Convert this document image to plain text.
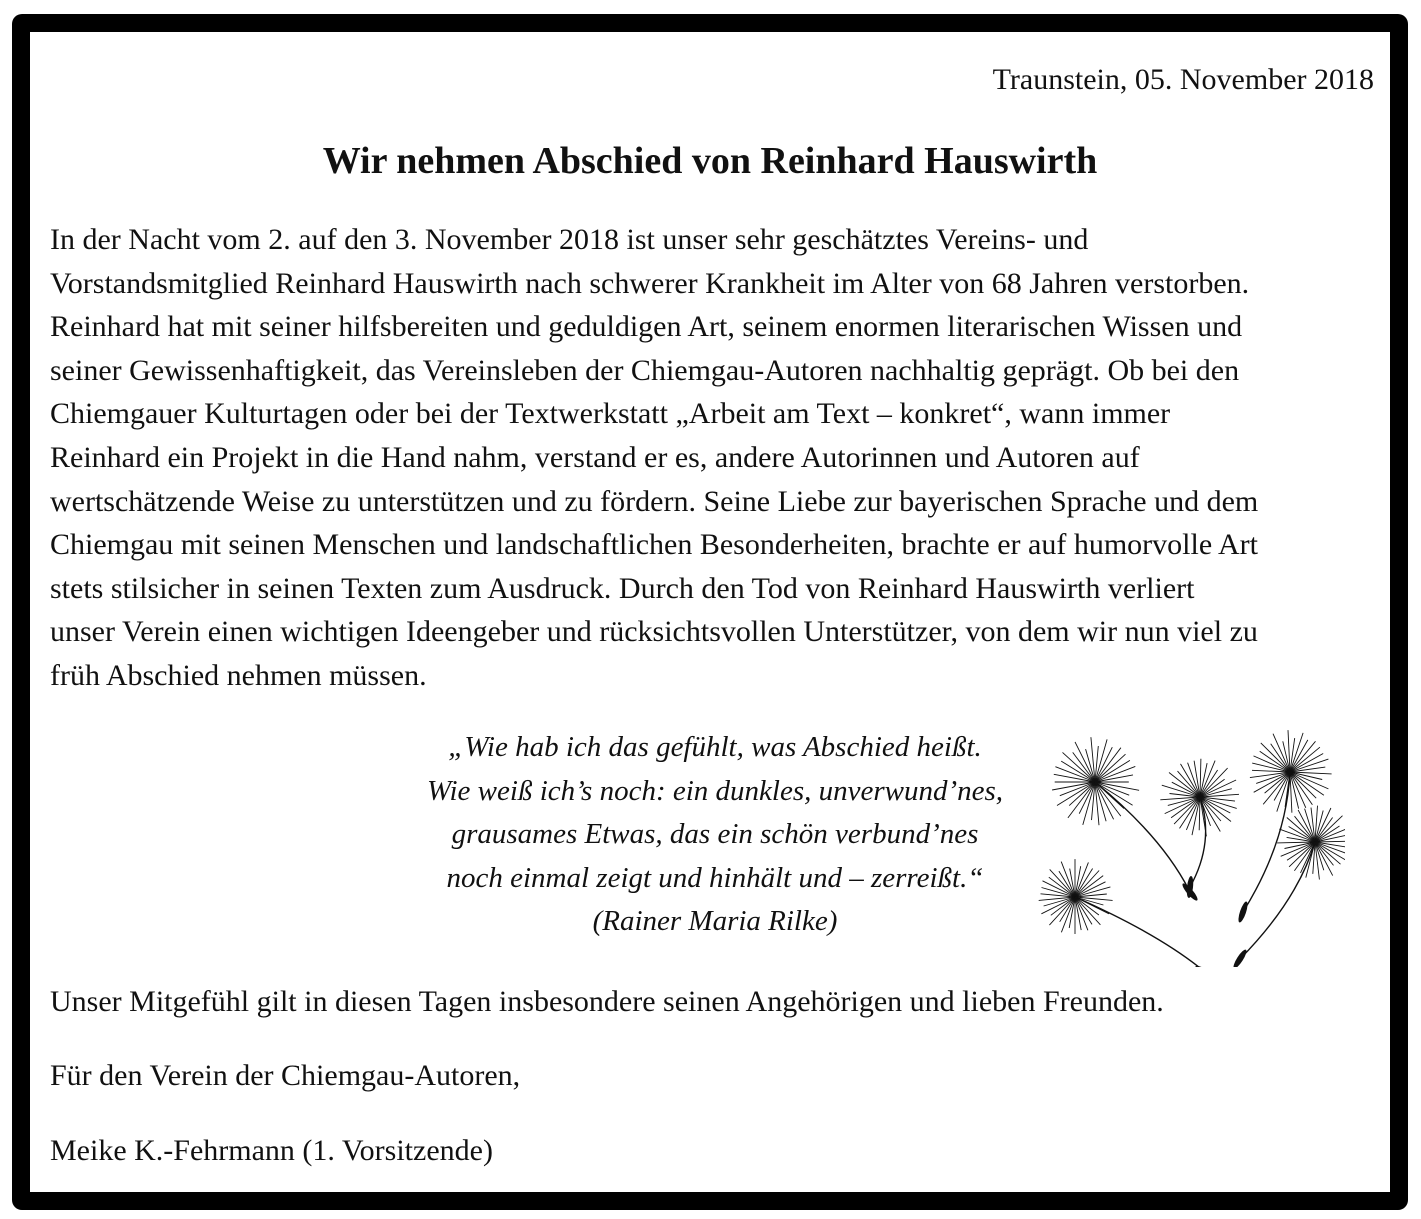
Traunstein, 05. November 2018
Wir nehmen Abschied von Reinhard Hauswirth
In der Nacht vom 2. auf den 3. November 2018 ist unser sehr geschätztes Vereins- und
Vorstandsmitglied Reinhard Hauswirth nach schwerer Krankheit im Alter von 68 Jahren verstorben.
Reinhard hat mit seiner hilfsbereiten und geduldigen Art, seinem enormen literarischen Wissen und
seiner Gewissenhaftigkeit, das Vereinsleben der Chiemgau-Autoren nachhaltig geprägt. Ob bei den
Chiemgauer Kulturtagen oder bei der Textwerkstatt „Arbeit am Text – konkret“, wann immer
Reinhard ein Projekt in die Hand nahm, verstand er es, andere Autorinnen und Autoren auf
wertschätzende Weise zu unterstützen und zu fördern. Seine Liebe zur bayerischen Sprache und dem
Chiemgau mit seinen Menschen und landschaftlichen Besonderheiten, brachte er auf humorvolle Art
stets stilsicher in seinen Texten zum Ausdruck. Durch den Tod von Reinhard Hauswirth verliert
unser Verein einen wichtigen Ideengeber und rücksichtsvollen Unterstützer, von dem wir nun viel zu
früh Abschied nehmen müssen.
„Wie hab ich das gefühlt, was Abschied heißt.
Wie weiß ich’s noch: ein dunkles, unverwund’nes,
grausames Etwas, das ein schön verbund’nes
noch einmal zeigt und hinhält und – zerreißt.“
(Rainer Maria Rilke)

Unser Mitgefühl gilt in diesen Tagen insbesondere seinen Angehörigen und lieben Freunden.

Für den Verein der Chiemgau-Autoren,

Meike K.-Fehrmann (1. Vorsitzende)
